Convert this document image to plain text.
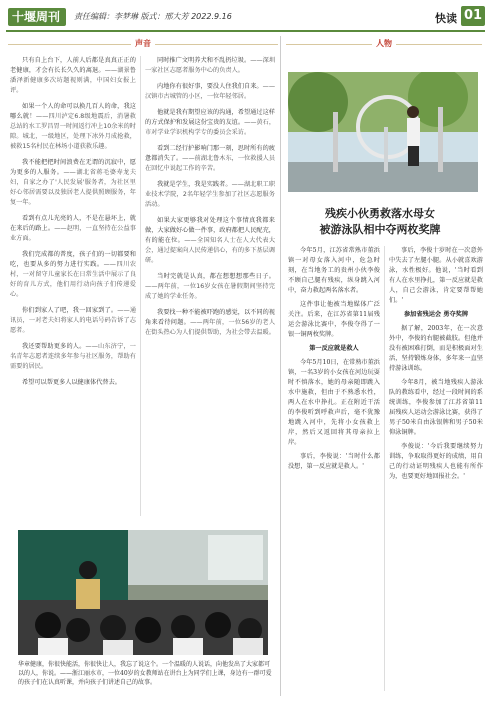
十堰周刊	责任编辑：李梦琳 版式：邢大芳 2022.9.16	快读 01
声音
只有自上台下，人前人后都是真真正正的老健康，才会有长长久久的离退。——湖景鲁潘泽新健康多次坊题视则满，中国妇女报上评。
如果一个人的命可以换几百人的命，我这哪么就！——四川泸定6.8级地震后，消暑救总站的水工罗昌胃一时间返行冲上10余米的时隙。城北，一级地区，处理下冰外月成抢救，被救15名村民在林场小道获救乐趣。
我不能把把时间浪费在无谓的沉寂中，愿为更多的人服务。——湖北省蒋毛婆寿龙夫妇，自家之办了'人民发展'服务者，为社区里好心邻居需要以及独居老人提供照顾服务，年复一年。
看到有点儿光亮的人，不是在悬坏上，就在来后的路上。——赵明，一直坚持在公益事业方面。
我们完成都的普度，孩子们的一切都要和吃，也要从多的努力进行实践。——四川农村，一对留守儿童家长在日常生活中展示了良好的育儿方式，他们用行动向孩子们传递爱心。
你们到家人了吧，我一回家到了。——通讯员，一对老夫妇将家人的电话号码告诉了志愿者。
我还要帮助更多的人。——山东济宁，一名青年志愿者连续多年参与社区服务，帮助有需要的居民。
希望可以帮更多人以健康体代替去。
同时推广文明养犬和不乱扔垃圾。——深圳一家社区志愿者服务中心的负责人。
内地你有很好事，要没人住我们自来。——汉镇市古城管的小区，一位年轻邻居。
他就是我有期望应该的沟通，希望通过这样的方式保护和发展这份宝贵的友谊。——黄石，市对学业学识机构学专的委员会采访。
看到二经行护影响门那一刻，思时所有的疲惫都消失了。——前湖北鲁木东，一位救援人员在回忆中说起工作的辛苦。
我就是学生，我是实践者。——湖北职工职业技术学院，2名年轻学生参加了社区志愿服务活动。
如果大家更够我对处理这个事情真我都来做，大家做好心做一件事，政府都把人民配充，有的能在位。——全国知名人士在人大代表大会，通过提案向人民传递信心，有的多下基层调研。
当时完就是认真，都在想想想那些日子。——两年前，一位16岁女孩在暑假期间坚持完成了她的学业任务。
我要找一种不能被吓跑的感觉，以不同的视角来看待问题。——两年前，一位56岁的老人在街头热心为人们提供帮助，为社会带去温暖。
华章健康，你很快能活，你很快让人，我忘了说这个。一个温暖的人说话，向他发出了大家都可以的人，你说。——浙江丽水市，一位40岁的女教师站在讲台上为同学们上课，身边有一群可爱的孩子们在认真听课，并向孩子们讲述自己的故事。
人物
残疾小伙勇救落水母女
被游泳队相中夺两枚奖牌
今年5月，江苏省常熟市董浜镇一对母女落入河中，危急时刻，在当地务工的贵州小伙李俊不顾自己腿有残疾，纵身跳入河中，奋力救起两名落水者。
这件事让他被当地媒体广泛关注。后来，在江苏省第11届残运会游泳比赛中，李俊夺得了一银一铜两枚奖牌。
第一反应就是救人
今年5月10日，在常熟市董浜镇，一名3岁的小女孩在河边玩耍时不慎落水，她的母亲随即跳入水中施救，但由于不熟悉水性，两人在水中挣扎。正在附近干活的李俊听到呼救声后，毫不犹豫地跳入河中，先将小女孩救上岸，然后又返回将其母亲拉上岸。
事后，李俊说：'当时什么都没想，第一反应就是救人。'
事后，李俊十岁时在一次意外中失去了左腿小腿。从小就喜欢游泳，水性极好。他说，'当时看到有人在水里挣扎，第一反应就是救人，自己会游泳，肯定要帮帮她们。'
参加省残运会 勇夺奖牌
据了解，2003年，在一次意外中，李俊的右腿被截肢。但他并没有被困难打倒，而是积极面对生活，坚持锻炼身体，多年来一直坚持游泳训练。
今年8月，被当地残疾人游泳队的教练看中，经过一段时间的系统训练，李俊参加了江苏省第11届残疾人运动会游泳比赛，获得了男子50米自由泳银牌和男子50米仰泳铜牌。
李俊说：'今后我要继续努力训练，争取取得更好的成绩，用自己的行动证明残疾人也能有所作为，也要更好地回报社会。'
